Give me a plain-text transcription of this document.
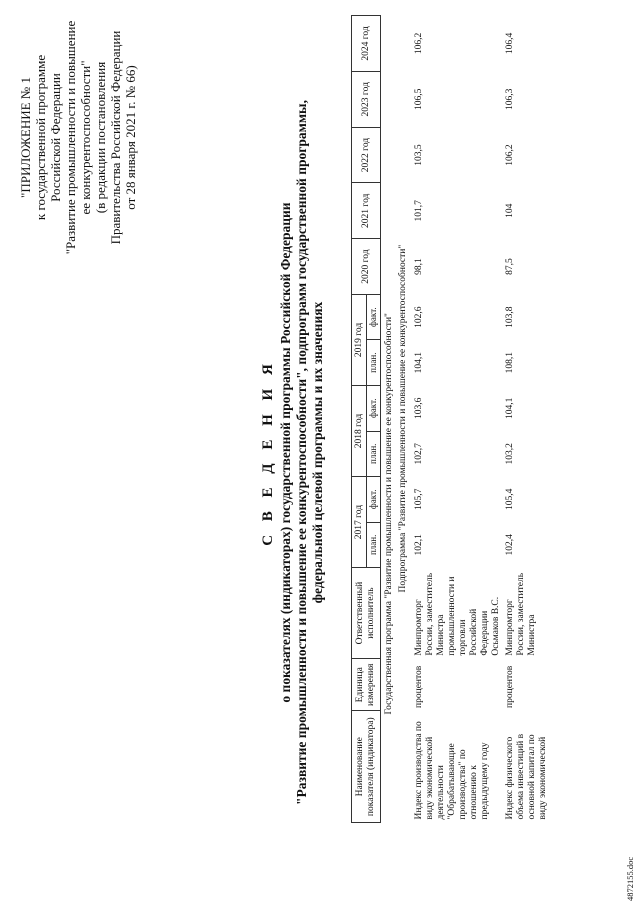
"ПРИЛОЖЕНИЕ № 1 к государственной программе Российской Федерации "Развитие промышленности и повышение ее конкурентоспособности" (в редакции постановления Правительства Российской Федерации от 28 января 2021 г. № 66)
С В Е Д Е Н И Я о показателях (индикаторах) государственной программы Российской Федерации "Развитие промышленности и повышение ее конкурентоспособности", подпрограмм государственной программы, федеральной целевой программы и их значениях
Наименование показателя (индикатора)	Единица измерения	Ответственный исполнитель	2017 год		2018 год		2019 год		2020 год	2021 год	2022 год	2023 год	2024 год
			план.	факт.	план.	факт.	план.	факт.					
Государственная программа "Развитие промышленности и повышение ее конкурентоспособности"													
Подпрограмма "Развитие промышленности и повышение ее конкурентоспособности"													
Индекс производства по виду экономической деятельности "Обрабатывающие производства" по отношению к предыдущему году	процентов	Минпромторг России, заместитель Министра промышленности и торговли Российской Федерации Осьмаков В.С.	102,1	105,7	102,7	103,6	104,1	102,6	98,1	101,7	103,5	106,5	106,2
Индекс физического объема инвестиций в основной капитал по виду экономической	процентов	Минпромторг России, заместитель Министра	102,4	105,4	103,2	104,1	108,1	103,8	87,5	104	106,2	106,3	106,4
4872155.doc
